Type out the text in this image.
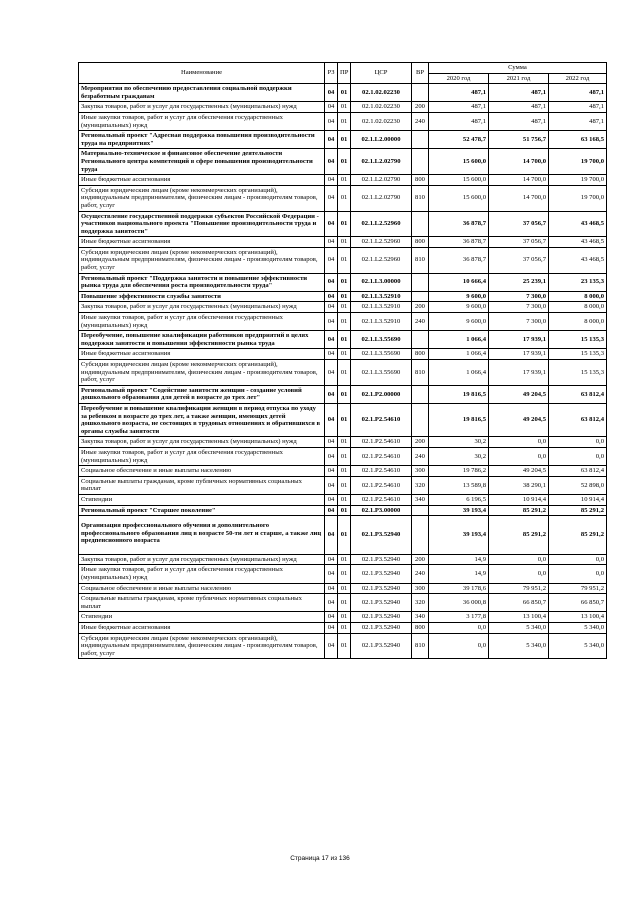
Наименование	РЗ	ПР	ЦСР	ВР	Сумма		
					2020 год	2021 год	2022 год
Мероприятия по обеспечению предоставления социальной поддержки безработным гражданам	04	01	02.1.02.02230		487,1	487,1	487,1
Закупка товаров, работ и услуг для государственных (муниципальных) нужд	04	01	02.1.02.02230	200	487,1	487,1	487,1
Иные закупки товаров, работ и услуг для обеспечения государственных (муниципальных) нужд	04	01	02.1.02.02230	240	487,1	487,1	487,1
Региональный проект "Адресная поддержка повышения производительности труда на предприятиях"	04	01	02.1.L2.00000		52 478,7	51 756,7	63 168,5
Материально-техническое и финансовое обеспечение деятельности Регионального центра компетенций в сфере повышения производительности труда	04	01	02.1.L2.02790		15 600,0	14 700,0	19 700,0
Иные бюджетные ассигнования	04	01	02.1.L2.02790	800	15 600,0	14 700,0	19 700,0
Субсидии юридическим лицам (кроме некоммерческих организаций), индивидуальным предпринимателям, физическим лицам - производителям товаров, работ, услуг	04	01	02.1.L2.02790	810	15 600,0	14 700,0	19 700,0
Осуществление государственной поддержки субъектов Российской Федерации - участников национального проекта "Повышение производительности труда и поддержка занятости"	04	01	02.1.L2.52960		36 878,7	37 056,7	43 468,5
Иные бюджетные ассигнования	04	01	02.1.L2.52960	800	36 878,7	37 056,7	43 468,5
Субсидии юридическим лицам (кроме некоммерческих организаций), индивидуальным предпринимателям, физическим лицам - производителям товаров, работ, услуг	04	01	02.1.L2.52960	810	36 878,7	37 056,7	43 468,5
Региональный проект "Поддержка занятости и повышение эффективности рынка труда для обеспечения роста производительности труда"	04	01	02.1.L3.00000		10 666,4	25 239,1	23 135,3
Повышение эффективности службы занятости	04	01	02.1.L3.52910		9 600,0	7 300,0	8 000,0
Закупка товаров, работ и услуг для государственных (муниципальных) нужд	04	01	02.1.L3.52910	200	9 600,0	7 300,0	8 000,0
Иные закупки товаров, работ и услуг для обеспечения государственных (муниципальных) нужд	04	01	02.1.L3.52910	240	9 600,0	7 300,0	8 000,0
Переобучение, повышение квалификации работников предприятий в целях поддержки занятости и повышения эффективности рынка труда	04	01	02.1.L3.55690		1 066,4	17 939,1	15 135,3
Иные бюджетные ассигнования	04	01	02.1.L3.55690	800	1 066,4	17 939,1	15 135,3
Субсидии юридическим лицам (кроме некоммерческих организаций), индивидуальным предпринимателям, физическим лицам - производителям товаров, работ, услуг	04	01	02.1.L3.55690	810	1 066,4	17 939,1	15 135,3
Региональный проект "Содействие занятости женщин - создание условий дошкольного образования для детей в возрасте до трех лет"	04	01	02.1.P2.00000		19 816,5	49 204,5	63 812,4
Переобучение и повышение квалификации женщин в период отпуска по уходу за ребенком в возрасте до трех лет, а также женщин, имеющих детей дошкольного возраста, не состоящих в трудовых отношениях и обратившихся в органы службы занятости	04	01	02.1.P2.54610		19 816,5	49 204,5	63 812,4
Закупка товаров, работ и услуг для государственных (муниципальных) нужд	04	01	02.1.P2.54610	200	30,2	0,0	0,0
Иные закупки товаров, работ и услуг для обеспечения государственных (муниципальных) нужд	04	01	02.1.P2.54610	240	30,2	0,0	0,0
Социальное обеспечение и иные выплаты населению	04	01	02.1.P2.54610	300	19 786,2	49 204,5	63 812,4
Социальные выплаты гражданам, кроме публичных нормативных социальных выплат	04	01	02.1.P2.54610	320	13 589,8	38 290,1	52 898,0
Стипендии	04	01	02.1.P2.54610	340	6 196,5	10 914,4	10 914,4
Региональный проект "Старшее поколение"	04	01	02.1.P3.00000		39 193,4	85 291,2	85 291,2
Организация профессионального обучения и дополнительного профессионального образования лиц в возрасте 50-ти лет и старше, а также лиц предпенсионного возраста	04	01	02.1.P3.52940		39 193,4	85 291,2	85 291,2
Закупка товаров, работ и услуг для государственных (муниципальных) нужд	04	01	02.1.P3.52940	200	14,9	0,0	0,0
Иные закупки товаров, работ и услуг для обеспечения государственных (муниципальных) нужд	04	01	02.1.P3.52940	240	14,9	0,0	0,0
Социальное обеспечение и иные выплаты населению	04	01	02.1.P3.52940	300	39 178,6	79 951,2	79 951,2
Социальные выплаты гражданам, кроме публичных нормативных социальных выплат	04	01	02.1.P3.52940	320	36 000,8	66 850,7	66 850,7
Стипендии	04	01	02.1.P3.52940	340	3 177,8	13 100,4	13 100,4
Иные бюджетные ассигнования	04	01	02.1.P3.52940	800	0,0	5 340,0	5 340,0
Субсидии юридическим лицам (кроме некоммерческих организаций), индивидуальным предпринимателям, физическим лицам - производителям товаров, работ, услуг	04	01	02.1.P3.52940	810	0,0	5 340,0	5 340,0
Страница 17 из 136
